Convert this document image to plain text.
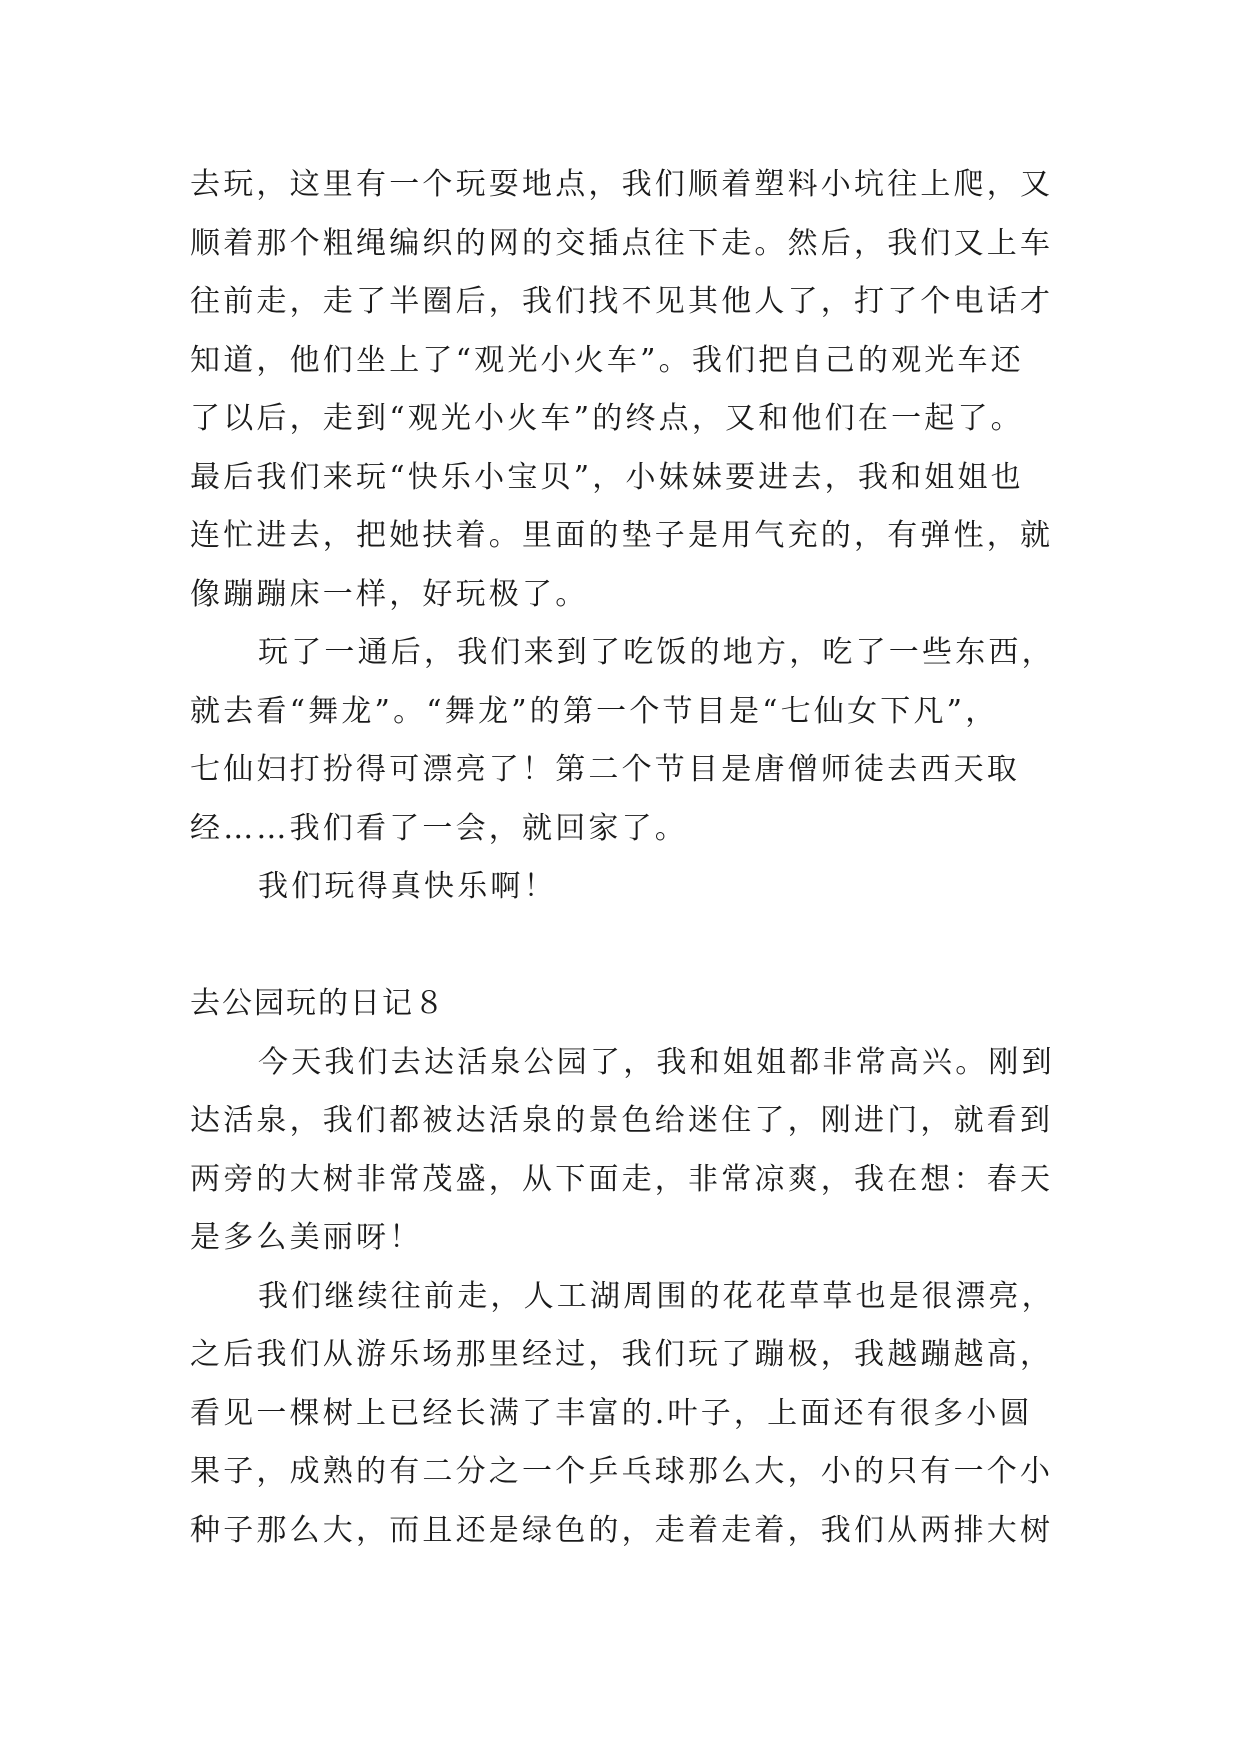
去玩，这里有一个玩耍地点，我们顺着塑料小坑往上爬，又
顺着那个粗绳编织的网的交插点往下走。然后，我们又上车
往前走，走了半圈后，我们找不见其他人了，打了个电话才
知道，他们坐上了“观光小火车”。我们把自己的观光车还
了以后，走到“观光小火车”的终点，又和他们在一起了。
最后我们来玩“快乐小宝贝”，小妹妹要进去，我和姐姐也
连忙进去，把她扶着。里面的垫子是用气充的，有弹性，就
像蹦蹦床一样，好玩极了。
玩了一通后，我们来到了吃饭的地方，吃了一些东西，
就去看“舞龙”。“舞龙”的第一个节目是“七仙女下凡”，
七仙妇打扮得可漂亮了！第二个节目是唐僧师徒去西天取
经……我们看了一会，就回家了。
我们玩得真快乐啊！
去公园玩的日记８
今天我们去达活泉公园了，我和姐姐都非常高兴。刚到
达活泉，我们都被达活泉的景色给迷住了，刚进门，就看到
两旁的大树非常茂盛，从下面走，非常凉爽，我在想：春天
是多么美丽呀！
我们继续往前走，人工湖周围的花花草草也是很漂亮，
之后我们从游乐场那里经过，我们玩了蹦极，我越蹦越高，
看见一棵树上已经长满了丰富的.叶子，上面还有很多小圆
果子，成熟的有二分之一个乒乓球那么大，小的只有一个小
种子那么大，而且还是绿色的，走着走着，我们从两排大树
